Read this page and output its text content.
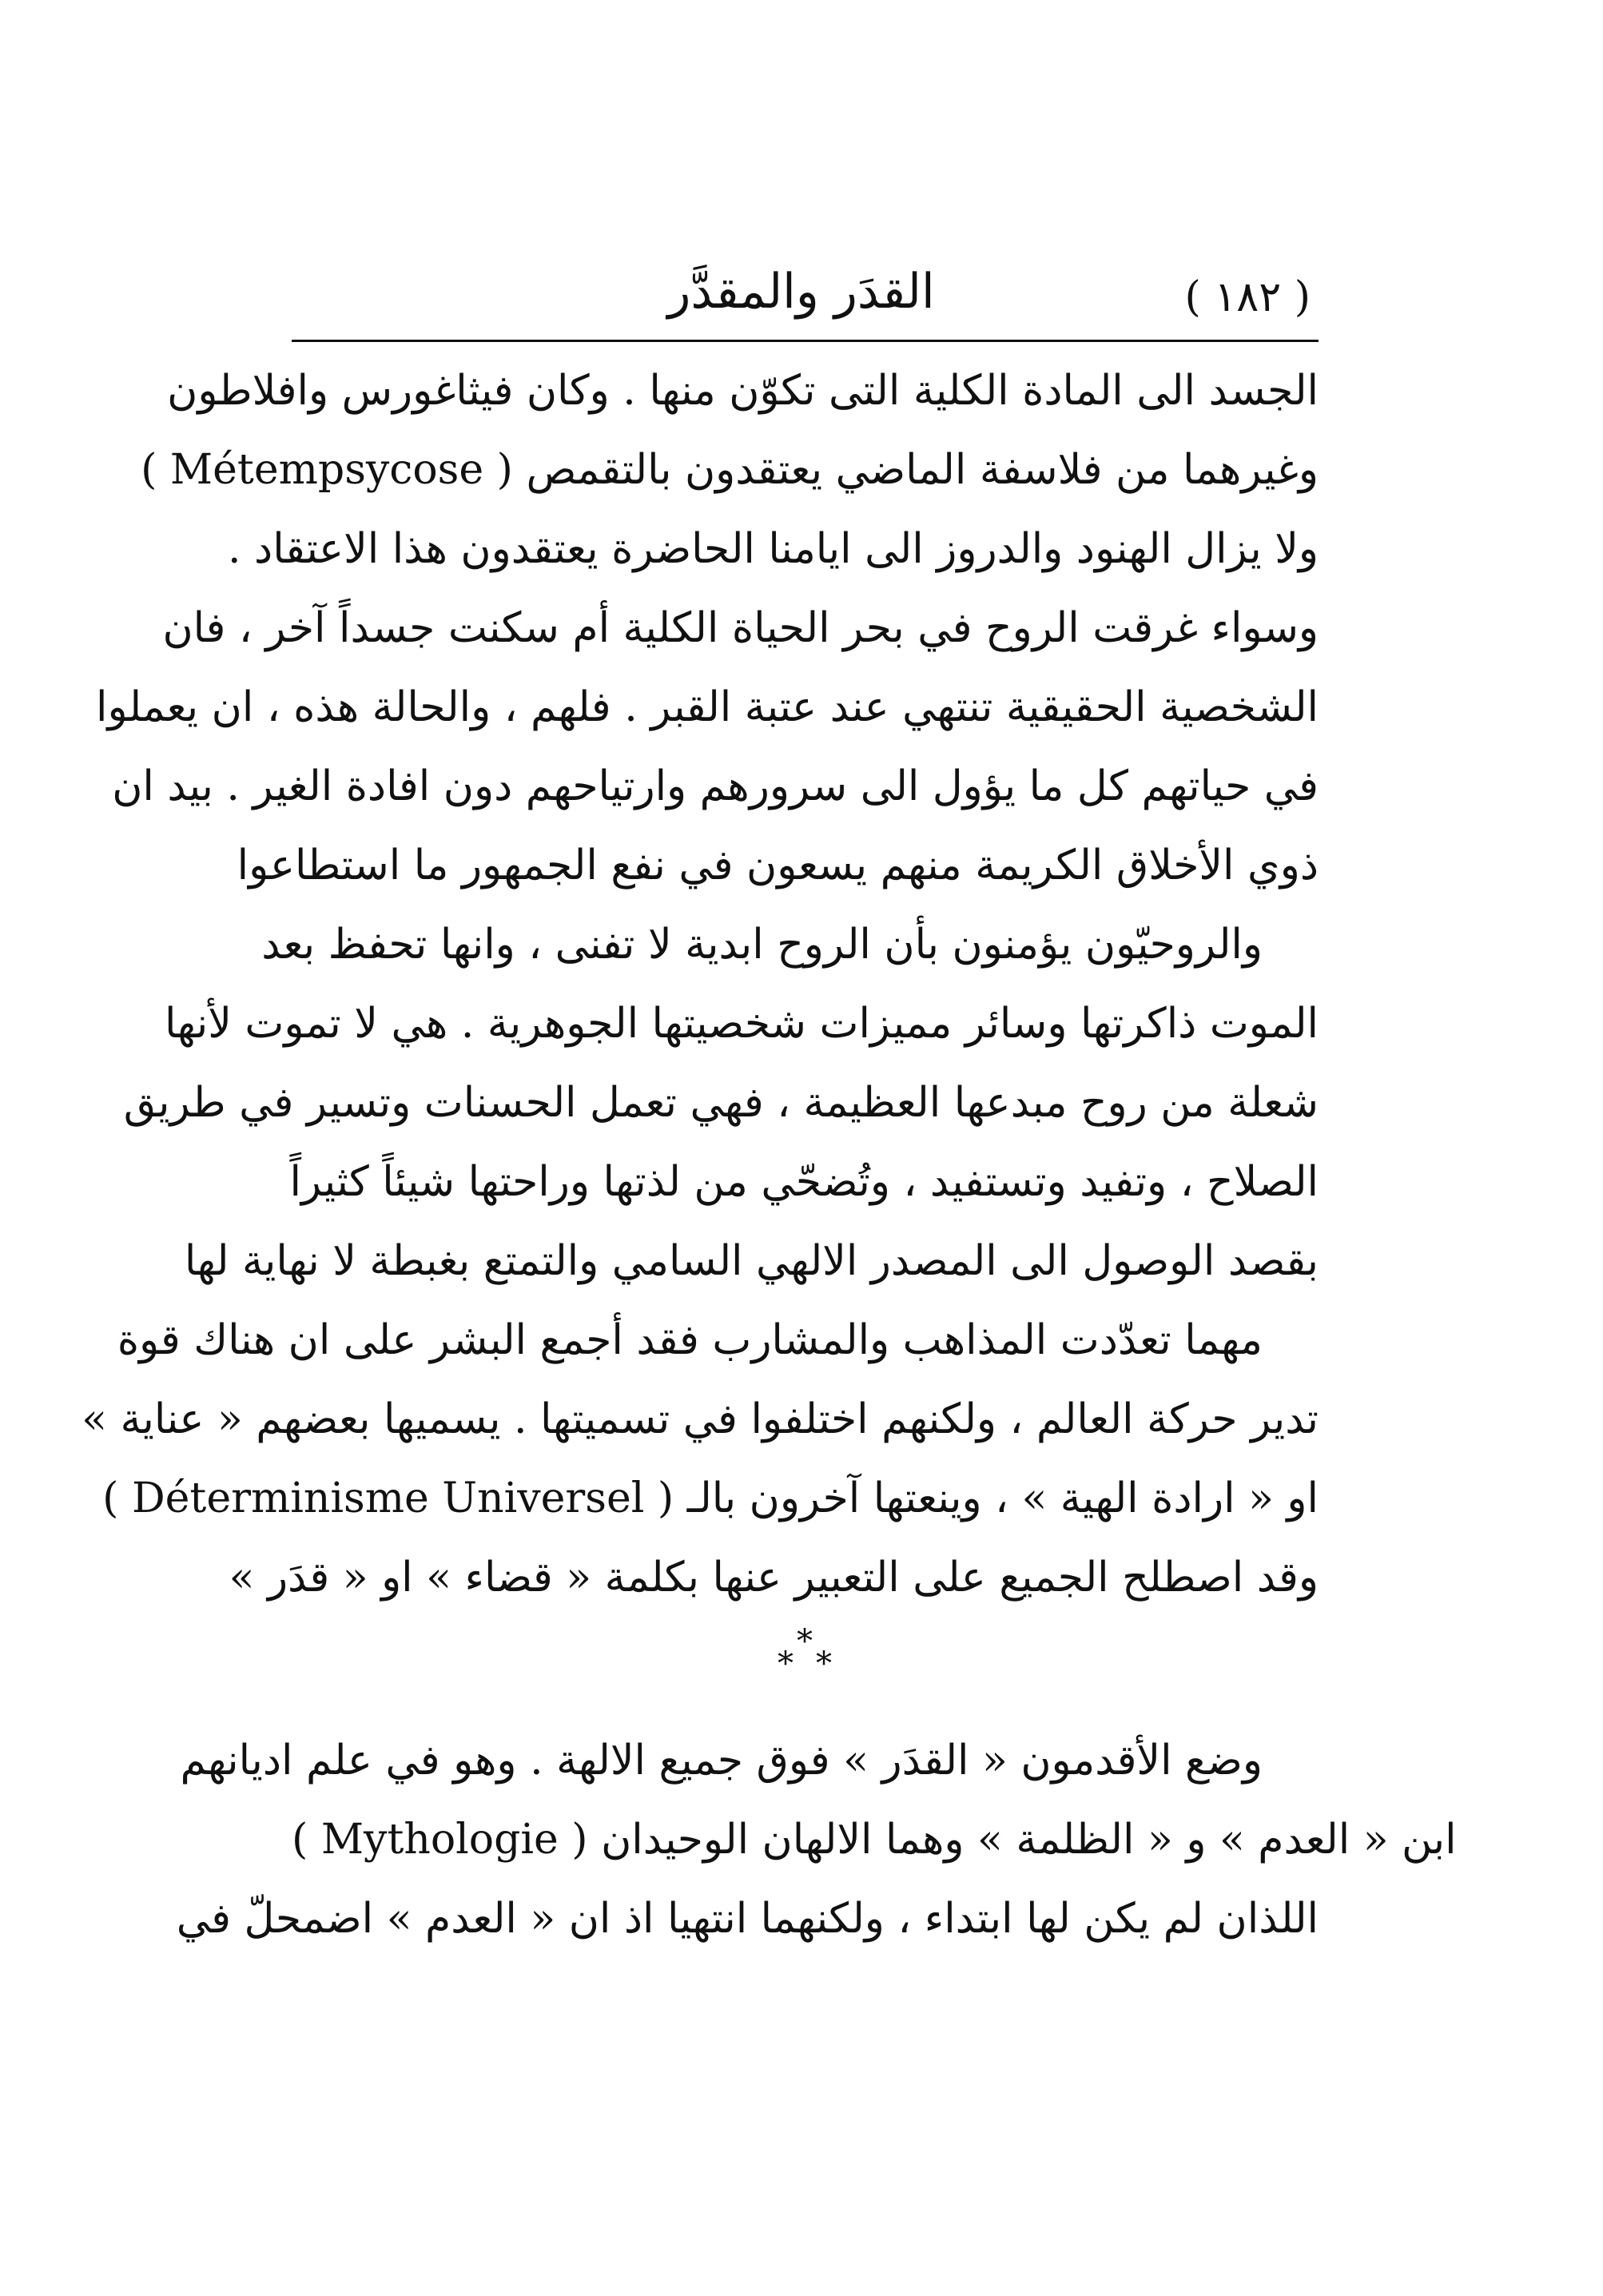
( ١٨٢ )
القدَر والمقدَّر
الجسد الى المادة الكلية التى تكوّن منها . وكان فيثاغورس وافلاطون
وغيرهما من فلاسفة الماضي يعتقدون بالتقمص ( Métempsycose )
ولا يزال الهنود والدروز الى ايامنا الحاضرة يعتقدون هذا الاعتقاد .
وسواء غرقت الروح في بحر الحياة الكلية أم سكنت جسداً آخر ، فان
الشخصية الحقيقية تنتهي عند عتبة القبر . فلهم ، والحالة هذه ، ان يعملوا
في حياتهم كل ما يؤول الى سرورهم وارتياحهم دون افادة الغير . بيد ان
ذوي الأخلاق الكريمة منهم يسعون في نفع الجمهور ما استطاعوا
والروحيّون يؤمنون بأن الروح ابدية لا تفنى ، وانها تحفظ بعد
الموت ذاكرتها وسائر مميزات شخصيتها الجوهرية . هي لا تموت لأنها
شعلة من روح مبدعها العظيمة ، فهي تعمل الحسنات وتسير في طريق
الصلاح ، وتفيد وتستفيد ، وتُضحّي من لذتها وراحتها شيئاً كثيراً
بقصد الوصول الى المصدر الالهي السامي والتمتع بغبطة لا نهاية لها
مهما تعدّدت المذاهب والمشارب فقد أجمع البشر على ان هناك قوة
تدير حركة العالم ، ولكنهم اختلفوا في تسميتها . يسميها بعضهم « عناية »
او « ارادة الهية » ، وينعتها آخرون بالـ ( Déterminisme Universel )
وقد اصطلح الجميع على التعبير عنها بكلمة « قضاء » او « قدَر »
*
* *
وضع الأقدمون « القدَر » فوق جميع الالهة . وهو في علم اديانهم
( Mythologie ) ابن « العدم » و « الظلمة » وهما الالهان الوحيدان
اللذان لم يكن لها ابتداء ، ولكنهما انتهيا اذ ان « العدم » اضمحلّ في
